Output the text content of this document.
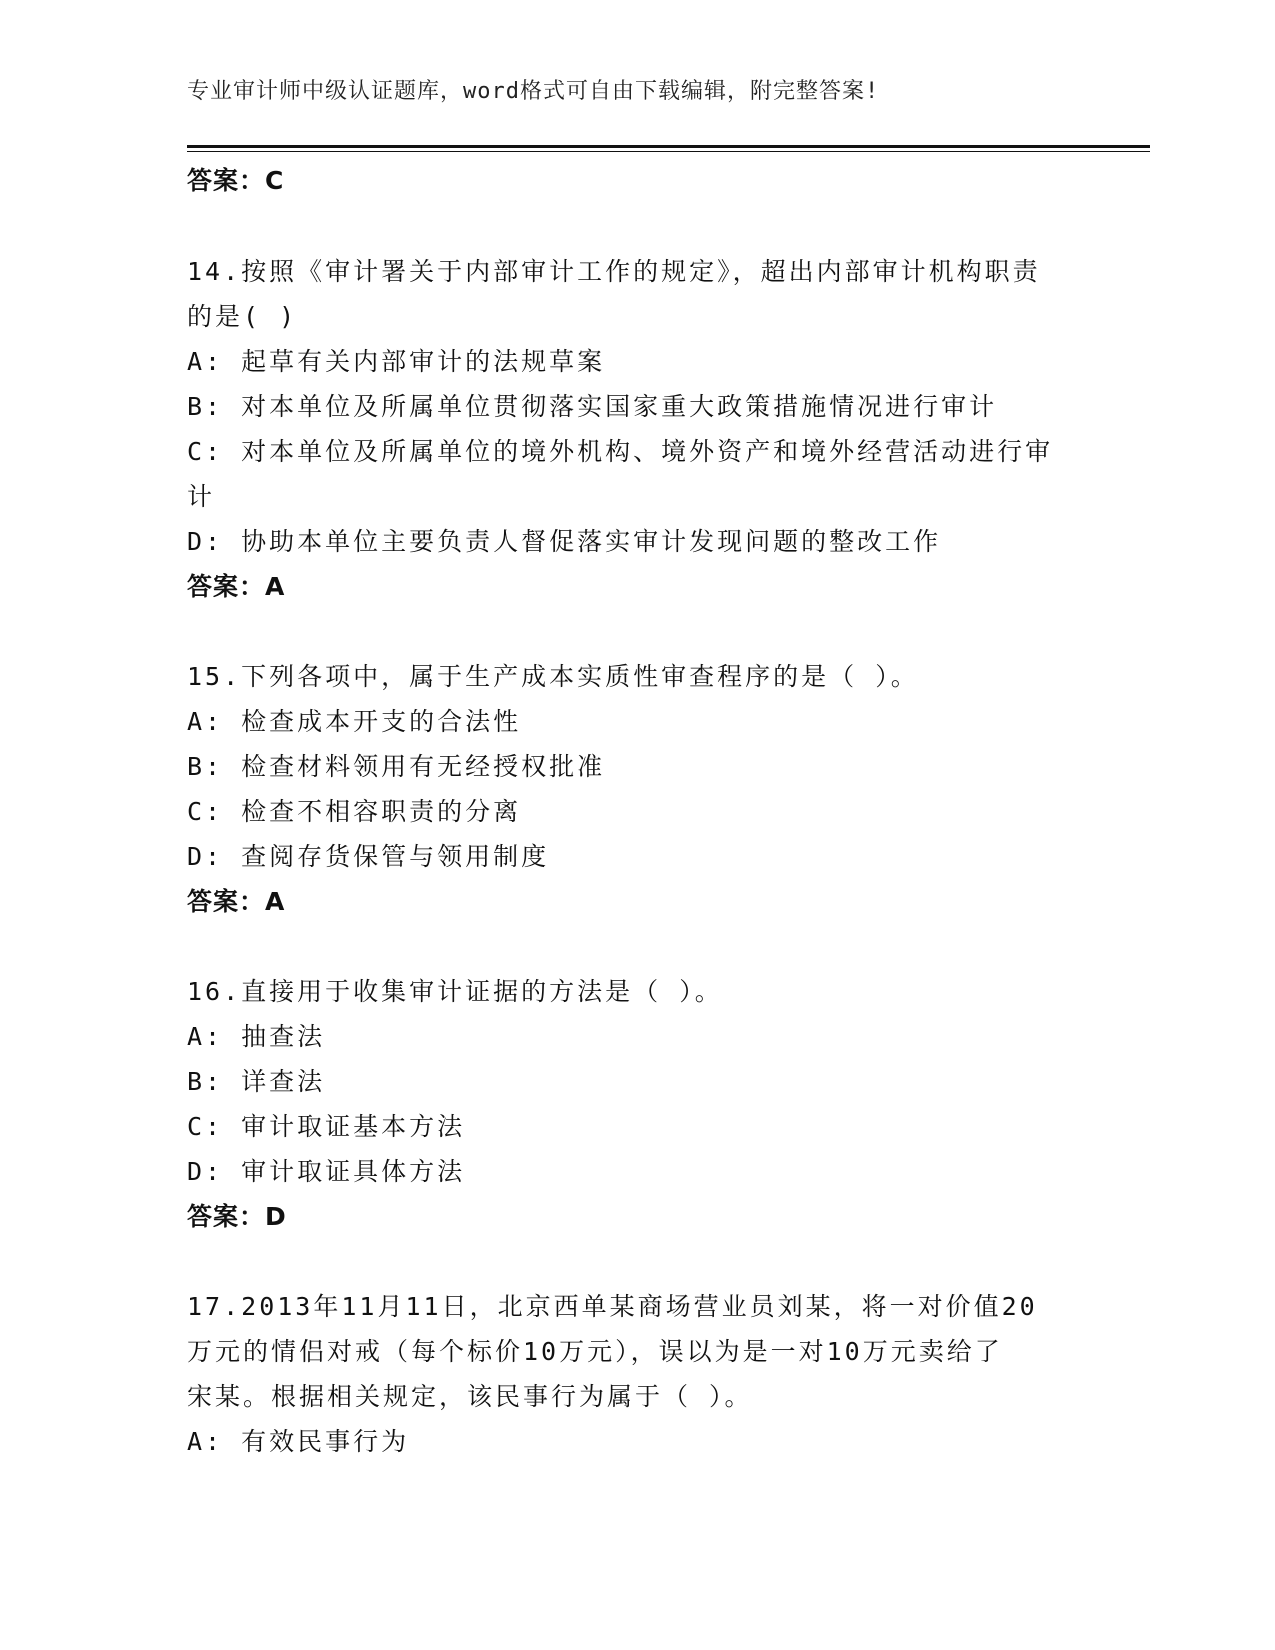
专业审计师中级认证题库，word格式可自由下载编辑，附完整答案!
答案：C
14.按照《审计署关于内部审计工作的规定》，超出内部审计机构职责
的是( )
A: 起草有关内部审计的法规草案
B: 对本单位及所属单位贯彻落实国家重大政策措施情况进行审计
C: 对本单位及所属单位的境外机构、境外资产和境外经营活动进行审
计
D: 协助本单位主要负责人督促落实审计发现问题的整改工作
答案：A
15.下列各项中，属于生产成本实质性审查程序的是（ ）。
A: 检查成本开支的合法性
B: 检查材料领用有无经授权批准
C: 检查不相容职责的分离
D: 查阅存货保管与领用制度
答案：A
16.直接用于收集审计证据的方法是（ ）。
A: 抽查法
B: 详查法
C: 审计取证基本方法
D: 审计取证具体方法
答案：D
17.2013年11月11日，北京西单某商场营业员刘某，将一对价值20
万元的情侣对戒（每个标价10万元），误以为是一对10万元卖给了
宋某。根据相关规定，该民事行为属于（ ）。
A: 有效民事行为
